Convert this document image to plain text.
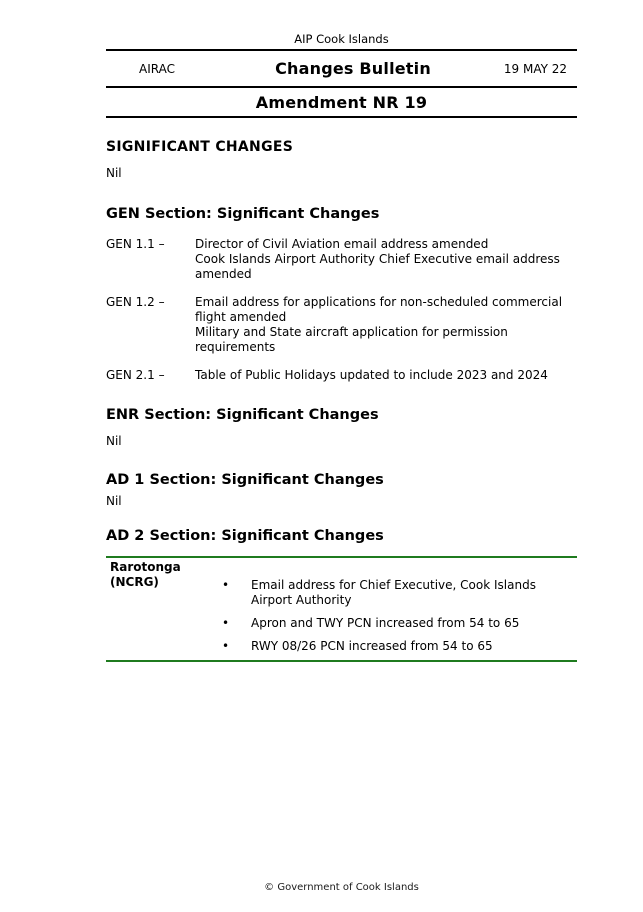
AIP Cook Islands
AIRAC	Changes Bulletin	19 MAY 22
Amendment NR 19
SIGNIFICANT CHANGES
Nil
GEN Section: Significant Changes
GEN 1.1 –	Director of Civil Aviation email address amended
Cook Islands Airport Authority Chief Executive email address
amended
GEN 1.2 –	Email address for applications for non-scheduled commercial
flight amended
Military and State aircraft application for permission
requirements
GEN 2.1 –	Table of Public Holidays updated to include 2023 and 2024
ENR Section: Significant Changes
Nil
AD 1 Section: Significant Changes
Nil
AD 2 Section: Significant Changes
Rarotonga
(NCRG)	•	Email address for Chief Executive, Cook Islands
Airport Authority
•	Apron and TWY PCN increased from 54 to 65
•	RWY 08/26 PCN increased from 54 to 65
© Government of Cook Islands
